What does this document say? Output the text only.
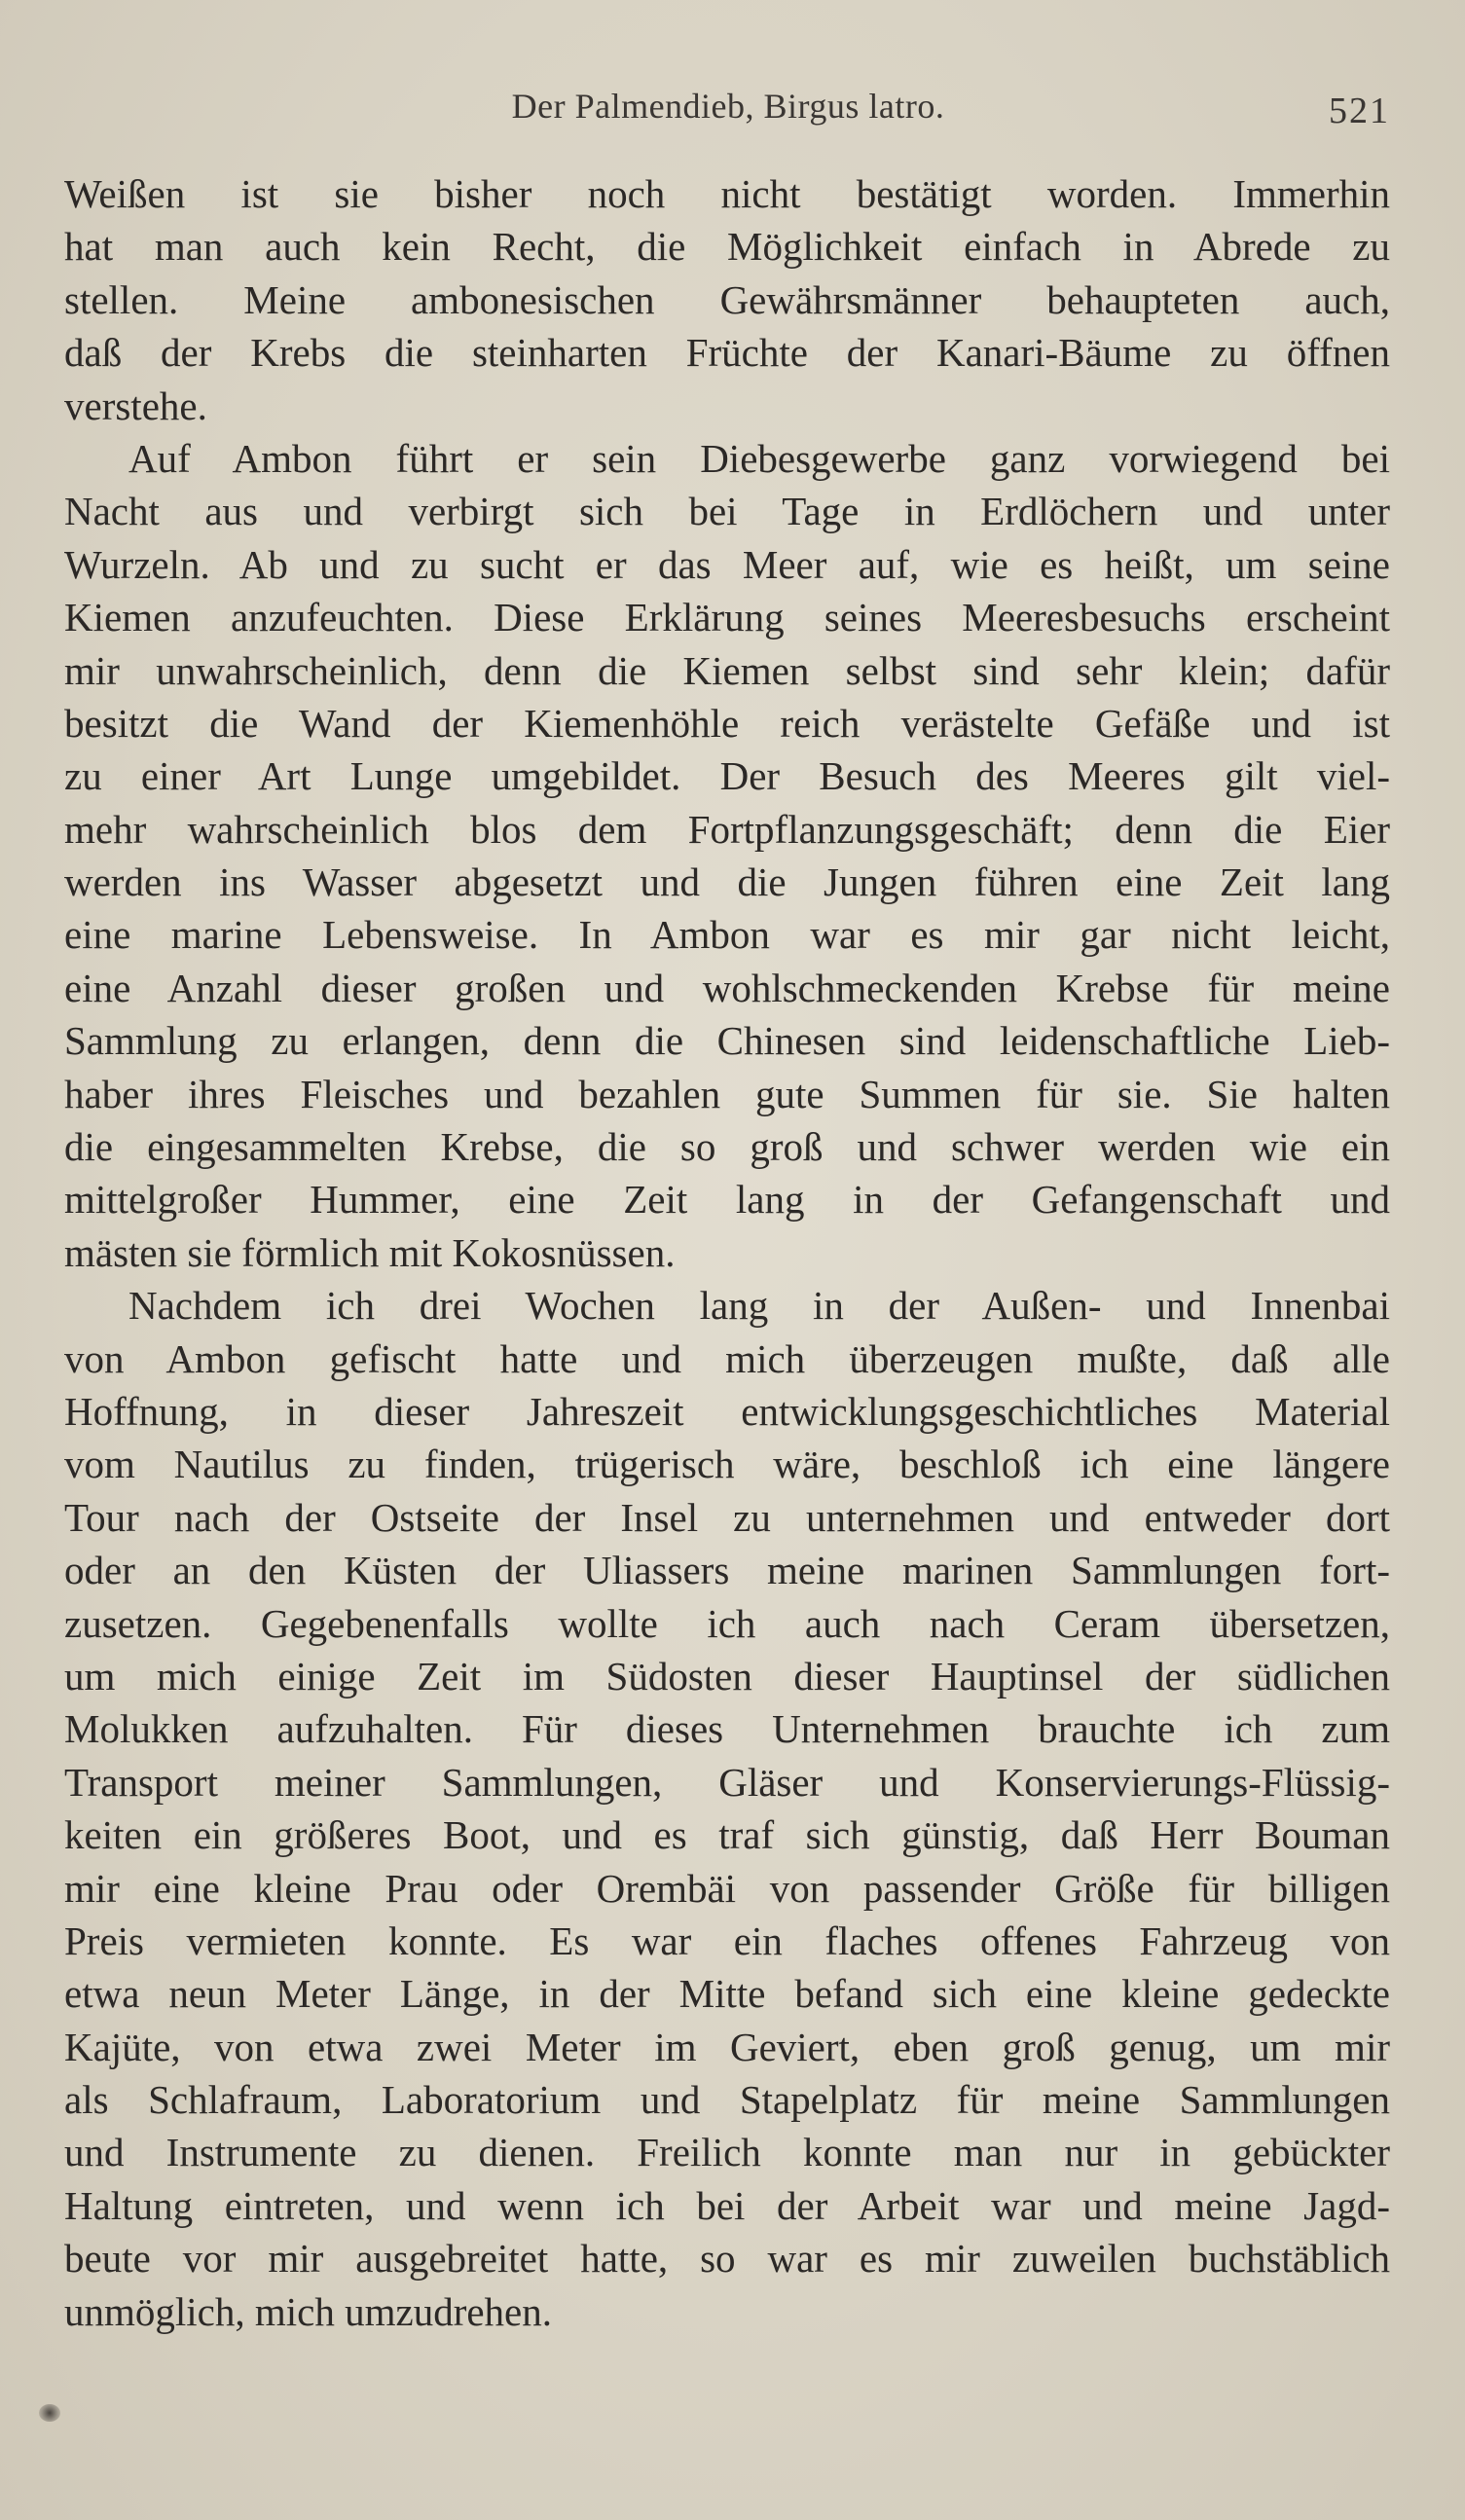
Der Palmendieb, Birgus latro.	521
Weißen ist sie bisher noch nicht bestätigt worden. Immerhin
hat man auch kein Recht, die Möglichkeit einfach in Abrede zu
stellen. Meine ambonesischen Gewährsmänner behaupteten auch,
daß der Krebs die steinharten Früchte der Kanari-Bäume zu öffnen
verstehe.
Auf Ambon führt er sein Diebesgewerbe ganz vorwiegend bei
Nacht aus und verbirgt sich bei Tage in Erdlöchern und unter
Wurzeln. Ab und zu sucht er das Meer auf, wie es heißt, um seine
Kiemen anzufeuchten. Diese Erklärung seines Meeresbesuchs erscheint
mir unwahrscheinlich, denn die Kiemen selbst sind sehr klein; dafür
besitzt die Wand der Kiemenhöhle reich verästelte Gefäße und ist
zu einer Art Lunge umgebildet. Der Besuch des Meeres gilt viel-
mehr wahrscheinlich blos dem Fortpflanzungsgeschäft; denn die Eier
werden ins Wasser abgesetzt und die Jungen führen eine Zeit lang
eine marine Lebensweise. In Ambon war es mir gar nicht leicht,
eine Anzahl dieser großen und wohlschmeckenden Krebse für meine
Sammlung zu erlangen, denn die Chinesen sind leidenschaftliche Lieb-
haber ihres Fleisches und bezahlen gute Summen für sie. Sie halten
die eingesammelten Krebse, die so groß und schwer werden wie ein
mittelgroßer Hummer, eine Zeit lang in der Gefangenschaft und
mästen sie förmlich mit Kokosnüssen.
Nachdem ich drei Wochen lang in der Außen- und Innenbai
von Ambon gefischt hatte und mich überzeugen mußte, daß alle
Hoffnung, in dieser Jahreszeit entwicklungsgeschichtliches Material
vom Nautilus zu finden, trügerisch wäre, beschloß ich eine längere
Tour nach der Ostseite der Insel zu unternehmen und entweder dort
oder an den Küsten der Uliassers meine marinen Sammlungen fort-
zusetzen. Gegebenenfalls wollte ich auch nach Ceram übersetzen,
um mich einige Zeit im Südosten dieser Hauptinsel der südlichen
Molukken aufzuhalten. Für dieses Unternehmen brauchte ich zum
Transport meiner Sammlungen, Gläser und Konservierungs-Flüssig-
keiten ein größeres Boot, und es traf sich günstig, daß Herr Bouman
mir eine kleine Prau oder Orembäi von passender Größe für billigen
Preis vermieten konnte. Es war ein flaches offenes Fahrzeug von
etwa neun Meter Länge, in der Mitte befand sich eine kleine gedeckte
Kajüte, von etwa zwei Meter im Geviert, eben groß genug, um mir
als Schlafraum, Laboratorium und Stapelplatz für meine Sammlungen
und Instrumente zu dienen. Freilich konnte man nur in gebückter
Haltung eintreten, und wenn ich bei der Arbeit war und meine Jagd-
beute vor mir ausgebreitet hatte, so war es mir zuweilen buchstäblich
unmöglich, mich umzudrehen.
